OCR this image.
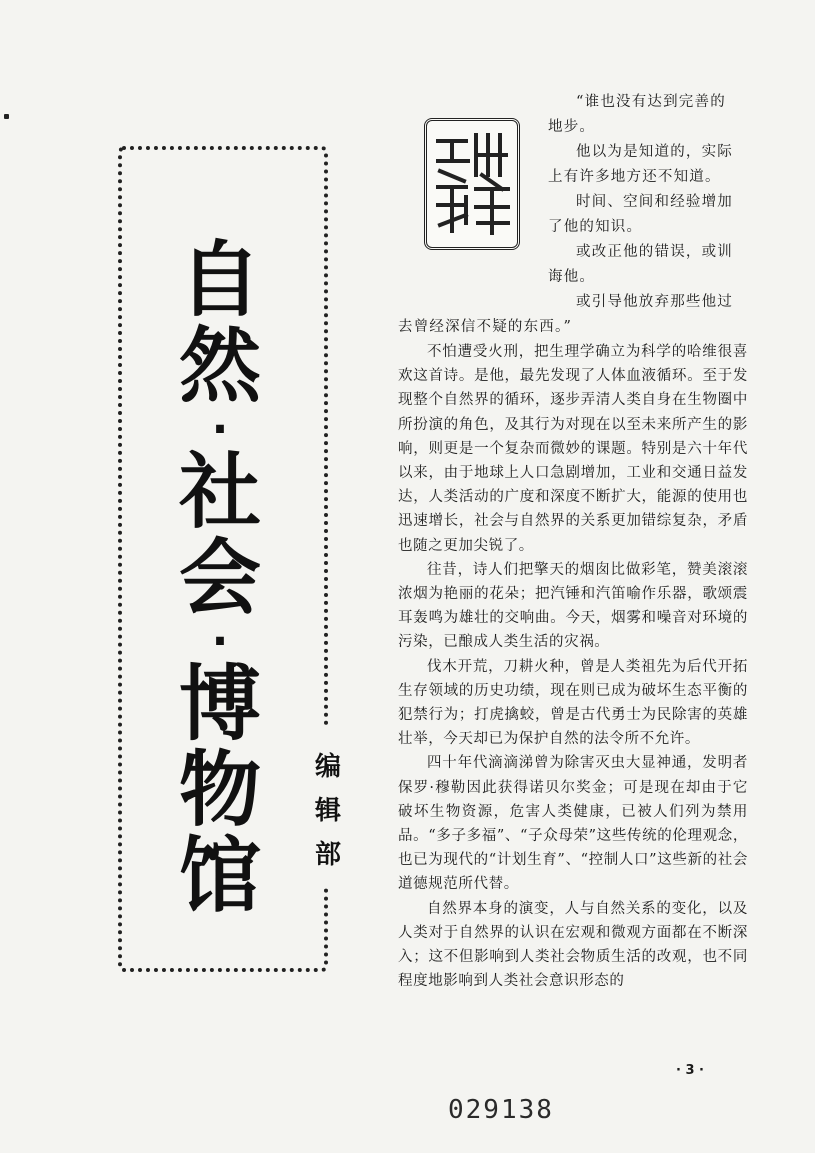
自
然
·
社
会
·
博
物
馆
编
辑
部
“谁也没有达到完善的
地步。
他以为是知道的，实际
上有许多地方还不知道。
时间、空间和经验增加
了他的知识。
或改正他的错误，或训
诲他。
或引导他放弃那些他过
去曾经深信不疑的东西。”

不怕遭受火刑，把生理学确立为科学的哈维很喜欢这首诗。是他，最先发现了人体血液循环。至于发现整个自然界的循环，逐步弄清人类自身在生物圈中所扮演的角色，及其行为对现在以至未来所产生的影响，则更是一个复杂而微妙的课题。特别是六十年代以来，由于地球上人口急剧增加，工业和交通日益发达，人类活动的广度和深度不断扩大，能源的使用也迅速增长，社会与自然界的关系更加错综复杂，矛盾也随之更加尖锐了。

往昔，诗人们把擎天的烟囱比做彩笔，赞美滚滚浓烟为艳丽的花朵；把汽锤和汽笛喻作乐器，歌颂震耳轰鸣为雄壮的交响曲。今天，烟雾和噪音对环境的污染，已酿成人类生活的灾祸。

伐木开荒，刀耕火种，曾是人类祖先为后代开拓生存领域的历史功绩，现在则已成为破坏生态平衡的犯禁行为；打虎擒蛟，曾是古代勇士为民除害的英雄壮举，今天却已为保护自然的法令所不允许。

四十年代滴滴涕曾为除害灭虫大显神通，发明者保罗·穆勒因此获得诺贝尔奖金；可是现在却由于它破坏生物资源，危害人类健康，已被人们列为禁用品。“多子多福”、“子众母荣”这些传统的伦理观念，也已为现代的“计划生育”、“控制人口”这些新的社会道德规范所代替。

自然界本身的演变，人与自然关系的变化，以及人类对于自然界的认识在宏观和微观方面都在不断深入；这不但影响到人类社会物质生活的改观，也不同程度地影响到人类社会意识形态的

· 3 ·
029138
